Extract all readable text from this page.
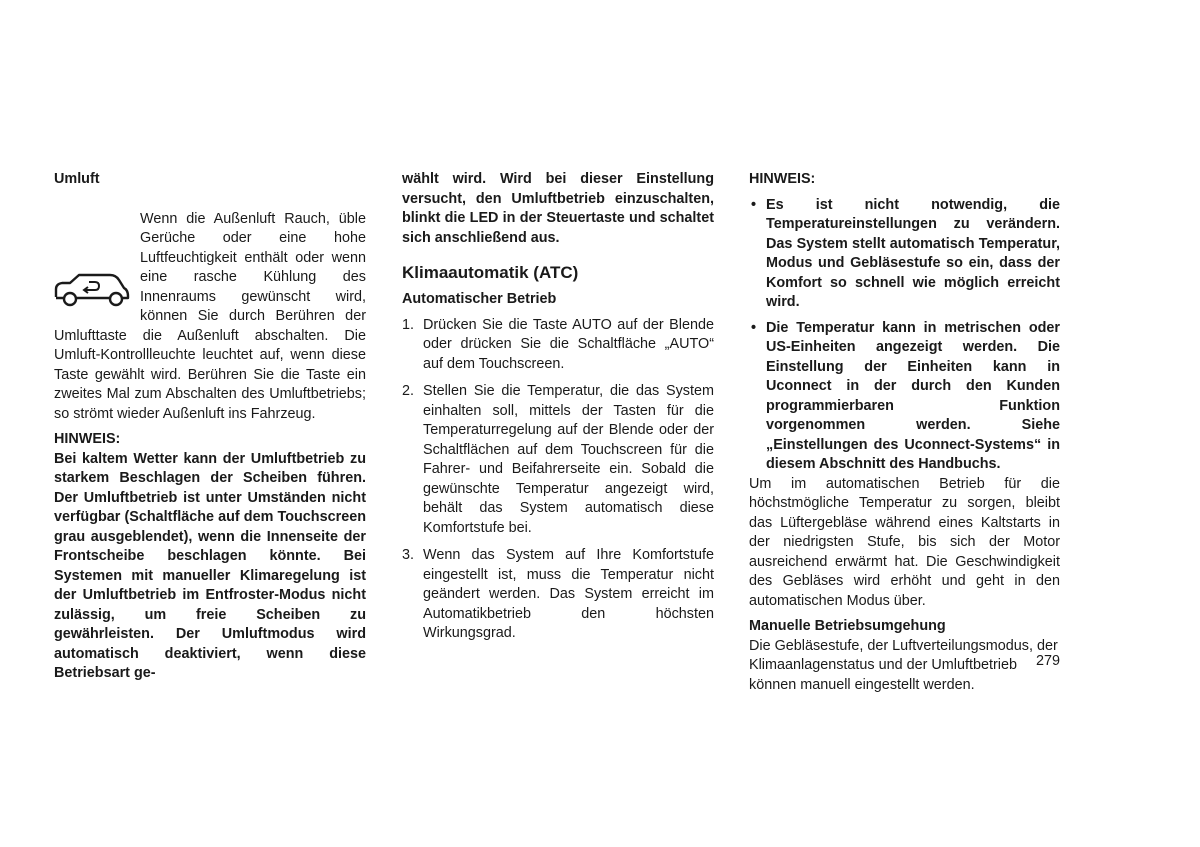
Umluft

Wenn die Außenluft Rauch, üble Gerüche oder eine hohe Luftfeuchtigkeit enthält oder wenn eine rasche Kühlung des Innenraums gewünscht wird, können Sie durch Berühren der Umlufttaste die Außenluft abschalten. Die Umluft-Kontrollleuchte leuchtet auf, wenn diese Taste gewählt wird. Berühren Sie die Taste ein zweites Mal zum Abschalten des Umluftbetriebs; so strömt wieder Außenluft ins Fahrzeug.

HINWEIS:

Bei kaltem Wetter kann der Umluftbetrieb zu starkem Beschlagen der Scheiben führen. Der Umluftbetrieb ist unter Umständen nicht verfügbar (Schaltfläche auf dem Touchscreen grau ausgeblendet), wenn die Innenseite der Frontscheibe beschlagen könnte. Bei Systemen mit manueller Klimaregelung ist der Umluftbetrieb im Entfroster-Modus nicht zulässig, um freie Scheiben zu gewährleisten. Der Umluftmodus wird automatisch deaktiviert, wenn diese Betriebsart ge-

wählt wird. Wird bei dieser Einstellung versucht, den Umluftbetrieb einzuschalten, blinkt die LED in der Steuertaste und schaltet sich anschließend aus.

Klimaautomatik (ATC)
Automatischer Betrieb
1. Drücken Sie die Taste AUTO auf der Blende oder drücken Sie die Schaltfläche „AUTO“ auf dem Touchscreen.

2. Stellen Sie die Temperatur, die das System einhalten soll, mittels der Tasten für die Temperaturregelung auf der Blende oder der Schaltflächen auf dem Touchscreen für die Fahrer- und Beifahrerseite ein. Sobald die gewünschte Temperatur angezeigt wird, behält das System automatisch diese Komfortstufe bei.

3. Wenn das System auf Ihre Komfortstufe eingestellt ist, muss die Temperatur nicht geändert werden. Das System erreicht im Automatikbetrieb den höchsten Wirkungsgrad.

HINWEIS:
• Es ist nicht notwendig, die Temperatureinstellungen zu verändern. Das System stellt automatisch Temperatur, Modus und Gebläsestufe so ein, dass der Komfort so schnell wie möglich erreicht wird.

• Die Temperatur kann in metrischen oder US-Einheiten angezeigt werden. Die Einstellung der Einheiten kann in Uconnect in der durch den Kunden programmierbaren Funktion vorgenommen werden. Siehe „Einstellungen des Uconnect-Systems“ in diesem Abschnitt des Handbuchs.

Um im automatischen Betrieb für die höchstmögliche Temperatur zu sorgen, bleibt das Lüftergebläse während eines Kaltstarts in der niedrigsten Stufe, bis sich der Motor ausreichend erwärmt hat. Die Geschwindigkeit des Gebläses wird erhöht und geht in den automatischen Modus über.

Manuelle Betriebsumgehung

Die Gebläsestufe, der Luftverteilungsmodus, der Klimaanlagenstatus und der Umluftbetrieb können manuell eingestellt werden.

279
